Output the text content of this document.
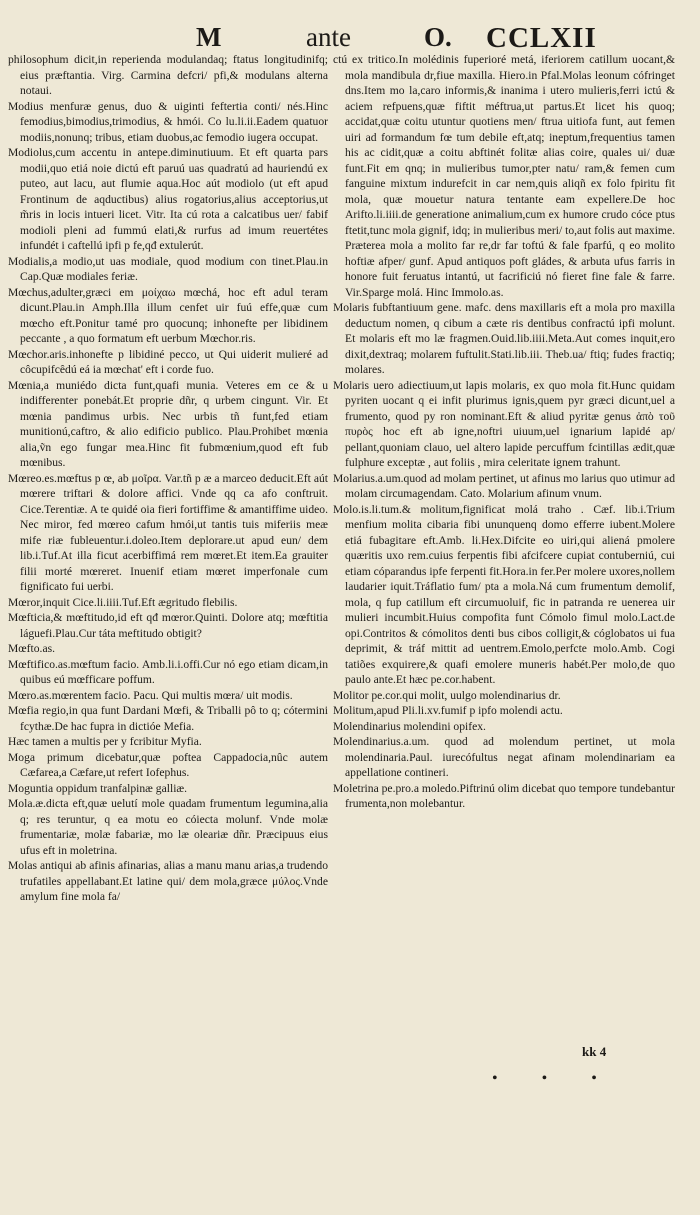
M	ante	O. CCLXII

philosophum dicit,in reperienda modulandaq; ftatus longitudinifq; eius præftantia. Virg. Carmina defcri/ pfi,& modulans alterna notaui.

Modius menfuræ genus, duo & uiginti feftertia conti/ nés.Hinc femodius,bimodius,trimodius, & hmói. Co lu.li.ii.Eadem quatuor modiis,nonunq; tribus, etiam duobus,ac femodio iugera occupat.

Modiolus,cum accentu in antepe.diminutiuum. Et eft quarta pars modii,quo etiá noie dictú eft paruú uas quadratú ad hauriendú ex puteo, aut lacu, aut flumie aqua.Hoc aút modiolo (ut eft apud Frontinum de aqductibus) alius rogatorius,alius acceptorius,ut m̃ris in locis intueri licet. Vitr. Ita cú rota a calcatibus uer/ fabif modioli pleni ad fummú elati,& rurfus ad imum reuertétes infundét i caftellú ipfi p fe,qđ extulerút.

Modialis,a modio,ut uas modiale, quod modium con tinet.Plau.in Cap.Quæ modiales feriæ.

Mœchus,adulter,græci em μοίχαω mœchá, hoc eft adul teram dicunt.Plau.in Amph.Illa illum cenfet uir fuú effe,quæ cum mœcho eft.Ponitur tamé pro quocunq; inhonefte per libidinem peccante , a quo formatum eft uerbum Mœchor.ris.

Mœchor.aris.inhonefte p libidiné pecco, ut Qui uiderit mulieré ad côcupifcêdú eá ia mœchat' eft i corde fuo.

Mœnia,a muniédo dicta funt,quafi munia. Veteres em ce & u indifferenter ponebát.Et proprie dñr, q urbem cingunt. Vir. Et mœnia pandimus urbis. Nec urbis tñ funt,fed etiam munitionú,caftro, & alio edificio publico. Plau.Prohibet mœnia alia,ṽn ego fungar mea.Hinc fit fubmœnium,quod eft fub mœnibus.

Mœreo.es.mœftus p œ, ab μοῖρα. Var.tñ p æ a marceo deducit.Eft aút mœrere triftari & dolore affici. Vnde qq ca afo conftruit. Cice.Terentiæ. A te quidé oia fieri fortiffime & amantiffime uideo. Nec miror, fed mœreo cafum hmói,ut tantis tuis miferiis meæ mife riæ fubleuentur.i.doleo.Item deplorare.ut apud eun/ dem lib.i.Tuf.At illa ficut acerbiffimá rem mœret.Et item.Ea grauiter filii morté mœreret. Inuenif etiam mœret imperfonale cum fignificato fui uerbi.

Mœror,inquit Cice.li.iiii.Tuf.Eft ægritudo flebilis.

Mœfticia,& mœftitudo,id eft qđ mœror.Quinti. Dolore atq; mœftitia láguefi.Plau.Cur táta meftitudo obtigit?

Mœfto.as.

Mœftifico.as.mœftum facio. Amb.li.i.offi.Cur nó ego etiam dicam,in quibus eú mœfficare poffum.

Mœro.as.mœrentem facio. Pacu. Qui multis mœra/ uit modis.

Mœfia regio,in qua funt Dardani Mœfi, & Triballi pô to q; cótermini fcythæ.De hac fupra in dictióe Mefia.

Hæc tamen a multis per y fcribitur Myfia.

Moga primum dicebatur,quæ poftea Cappadocia,nûc autem Cæfarea,a Cæfare,ut refert Iofephus.

Moguntia oppidum tranfalpinæ galliæ.

Mola.æ.dicta eft,quæ uelutí mole quadam frumentum legumina,alia q; res teruntur, q ea motu eo cóiecta molunf. Vnde molæ frumentariæ, molæ fabariæ, mo læ oleariæ dñr. Præcipuus eius ufus eft in moletrina.

Molas antiqui ab afinis afinarias, alias a manu manu arias,a trudendo trufatiles appellabant.Et latine qui/ dem mola,græce μύλος.Vnde amylum fine mola fa/

ctú ex tritico.In molédinis fuperioré metá, iferiorem catillum uocant,& mola mandibula dr,fiue maxilla. Hiero.in Pfal.Molas leonum cófringet dns.Item mo la,caro informis,& inanima i utero mulieris,ferri ictú & aciem refpuens,quæ fiftit méftrua,ut partus.Et licet his quoq; accidat,quæ coitu utuntur quotiens men/ ftrua uitiofa funt, aut femen uiri ad formandum fœ tum debile eft,atq; ineptum,frequentius tamen his ac cidit,quæ a coitu abftinét folitæ alias coire, quales ui/ duæ funt.Fit em qnq; in mulieribus tumor,pter natu/ ram,& femen cum fanguine mixtum indurefcit in car nem,quis aliqñ ex folo fpiritu fit mola, quæ mouetur natura tentante eam expellere.De hoc Arifto.li.iiii.de generatione animalium,cum ex humore crudo cóce ptus ftetit,tunc mola gignif, idq; in mulieribus meri/ to,aut folis aut maxime. Præterea mola a molito far re,dr far toftú & fale fparfú, q eo molito hoftiæ afper/ gunf. Apud antiquos poft gládes, & arbuta ufus farris in honore fuit feruatus intantú, ut facrificiú nó fieret fine fale & farre. Vir.Sparge molá. Hinc Immolo.as.

Molaris fubftantiuum gene. mafc. dens maxillaris eft a mola pro maxilla deductum nomen, q cibum a cæte ris dentibus confractú ipfi molunt. Et molaris eft mo læ fragmen.Ouid.lib.iiii.Meta.Aut comes inquit,ero dixit,dextraq; molarem fuftulit.Stati.lib.iii. Theb.ua/ ftiq; fudes fractiq; molares.

Molaris uero adiectiuum,ut lapis molaris, ex quo mola fit.Hunc quidam pyriten uocant q ei infit plurimus ignis,quem pyr græci dicunt,uel a frumento, quod py ron nominant.Eft & aliud pyritæ genus ἀπὸ τοῦ πυρὸς hoc eft ab igne,noftri uiuum,uel ignarium lapidé ap/ pellant,quoniam clauo, uel altero lapide percuffum fcintillas ædit,quæ fulphure exceptæ , aut foliis , mira celeritate ignem trahunt.

Molarius.a.um.quod ad molam pertinet, ut afinus mo larius quo utimur ad molam circumagendam. Cato. Molarium afinum vnum.

Molo.is.li.tum.& molitum,fignificat molá traho . Cæf. lib.i.Trium menfium molita cibaria fibi ununquenq domo efferre iubent.Molere etiá fubagitare eft.Amb. li.Hex.Difcite eo uiri,qui aliená pmolere quæritis uxo rem.cuius ferpentis fibi afcifcere cupiat contuberniú, cui etiam cóparandus ipfe ferpenti fit.Hora.in fer.Per molere uxores,nollem laudarier iquit.Tráflatio fum/ pta a mola.Ná cum frumentum demolif, mola, q fup catillum eft circumuoluif, fic in patranda re uenerea uir mulieri incumbit.Huius compofita funt Cómolo fimul molo.Lact.de opi.Contritos & cómolitos denti bus cibos colligit,& cóglobatos ui fua deprimit, & tráf mittit ad uentrem.Emolo,perfcte molo.Amb. Cogi tatiões exquirere,& quafi emolere muneris habét.Per molo,de quo paulo ante.Et hæc pe.cor.habent.

Molitor pe.cor.qui molit, uulgo molendinarius dr.

Molitum,apud Pli.li.xv.fumif p ipfo molendi actu.

Molendinarius molendini opifex.

Molendinarius.a.um. quod ad molendum pertinet, ut mola molendinaria.Paul. iurecófultus negat afinam molendinariam ea appellatione contineri.

Moletrina pe.pro.a moledo.Piftrinú olim dicebat quo tempore tundebantur frumenta,non molebantur.

kk 4
• • •
